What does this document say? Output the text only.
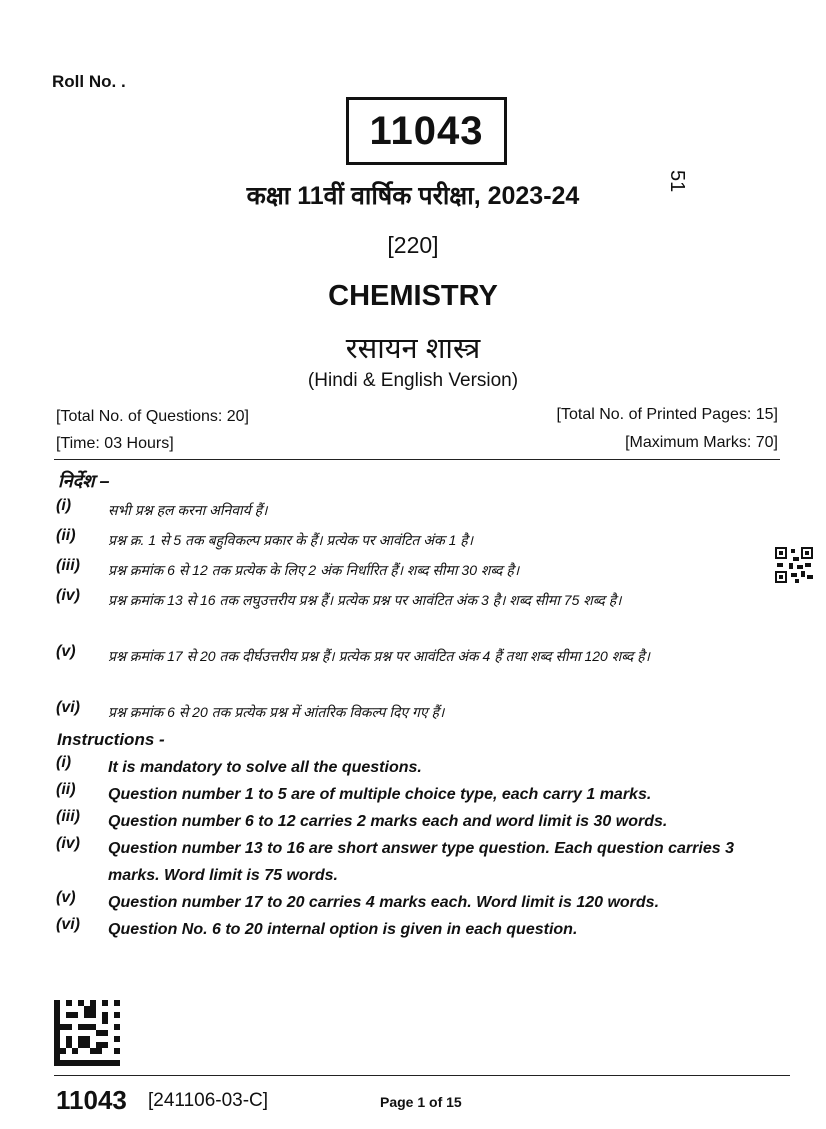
Roll No. .
11043
51
कक्षा 11वीं वार्षिक परीक्षा, 2023-24
[220]
CHEMISTRY
रसायन शास्त्र
(Hindi & English Version)
[Total No. of Questions: 20]	[Total No. of Printed Pages: 15]
[Time: 03 Hours]	[Maximum Marks: 70]
निर्देश –
(i)	सभी प्रश्न हल करना अनिवार्य हैं।
(ii)	प्रश्न क्र. 1 से 5 तक बहुविकल्प प्रकार के हैं। प्रत्येक पर आवंटित अंक 1 है।
(iii)	प्रश्न क्रमांक 6 से 12 तक प्रत्येक के लिए 2 अंक निर्धारित हैं। शब्द सीमा 30 शब्द है।
(iv)	प्रश्न क्रमांक 13 से 16 तक लघुउत्तरीय प्रश्न हैं। प्रत्येक प्रश्न पर आवंटित अंक 3 है। शब्द सीमा 75 शब्द है।
(v)	प्रश्न क्रमांक 17 से 20 तक दीर्घउत्तरीय प्रश्न हैं। प्रत्येक प्रश्न पर आवंटित अंक 4 हैं तथा शब्द सीमा 120 शब्द है।
(vi)	प्रश्न क्रमांक 6 से 20 तक प्रत्येक प्रश्न में आंतरिक विकल्प दिए गए हैं।
Instructions -
(i)	It is mandatory to solve all the questions.
(ii)	Question number 1 to 5 are of multiple choice type, each carry 1 marks.
(iii)	Question number 6 to 12 carries 2 marks each and word limit is 30 words.
(iv)	Question number 13 to 16 are short answer type question. Each question carries 3 marks. Word limit is 75 words.
(v)	Question number 17 to 20 carries 4 marks each. Word limit is 120 words.
(vi)	Question No. 6 to 20 internal option is given in each question.
11043 [241106-03-C]	Page 1 of 15
